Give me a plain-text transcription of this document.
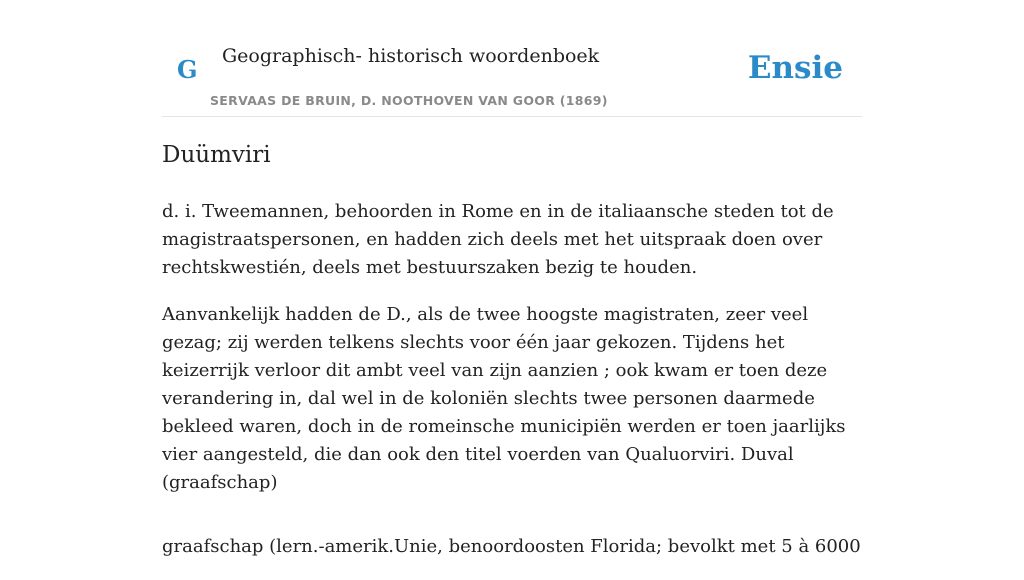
G Geographisch- historisch woordenboek
SERVAAS DE BRUIN, D. NOOTHOVEN VAN GOOR (1869)
Ensie
Duümviri

d. i. Tweemannen, behoorden in Rome en in de italiaansche steden tot de magistraatspersonen, en hadden zich deels met het uitspraak doen over rechtskwestién, deels met bestuurszaken bezig te houden.

Aanvankelijk hadden de D., als de twee hoogste magistraten, zeer veel gezag; zij werden telkens slechts voor één jaar gekozen. Tijdens het keizerrijk verloor dit ambt veel van zijn aanzien ; ook kwam er toen deze verandering in, dal wel in de koloniën slechts twee personen daarmede bekleed waren, doch in de romeinsche municipiën werden er toen jaarlijks vier aangesteld, die dan ook den titel voerden van Qualuorviri. Duval (graafschap)

graafschap (lern.-amerik.Unie, benoordoosten Florida; bevolkt met 5 à 6000
